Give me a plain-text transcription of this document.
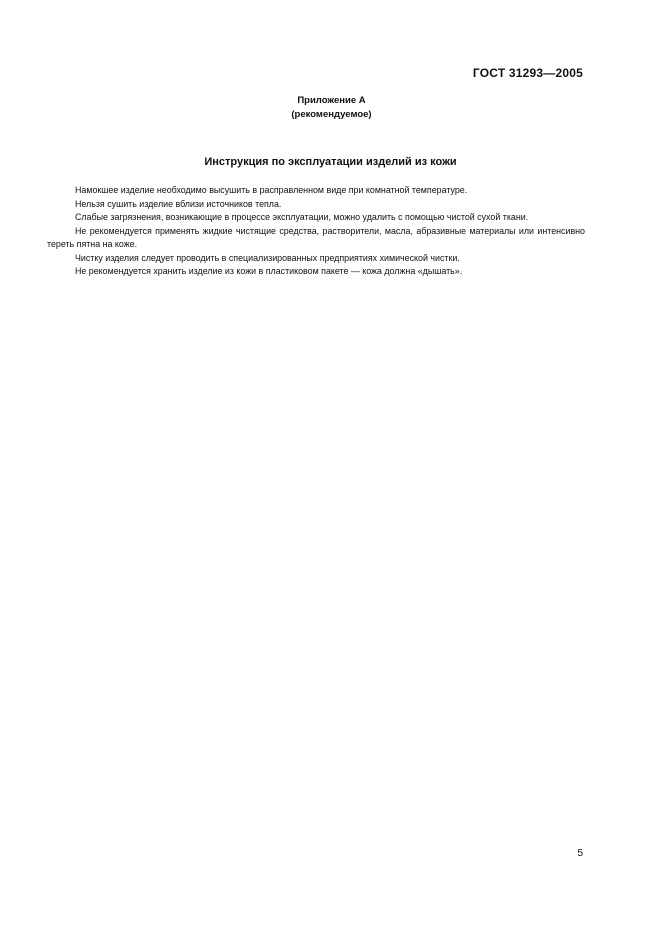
ГОСТ 31293—2005
Приложение А
(рекомендуемое)
Инструкция по эксплуатации изделий из кожи

Намокшее изделие необходимо высушить в расправленном виде при комнатной температуре.

Нельзя сушить изделие вблизи источников тепла.

Слабые загрязнения, возникающие в процессе эксплуатации, можно удалить с помощью чистой сухой ткани.

Не рекомендуется применять жидкие чистящие средства, растворители, масла, абразивные материалы или интенсивно тереть пятна на коже.

Чистку изделия следует проводить в специализированных предприятиях химической чистки.

Не рекомендуется хранить изделие из кожи в пластиковом пакете — кожа должна «дышать».

5
